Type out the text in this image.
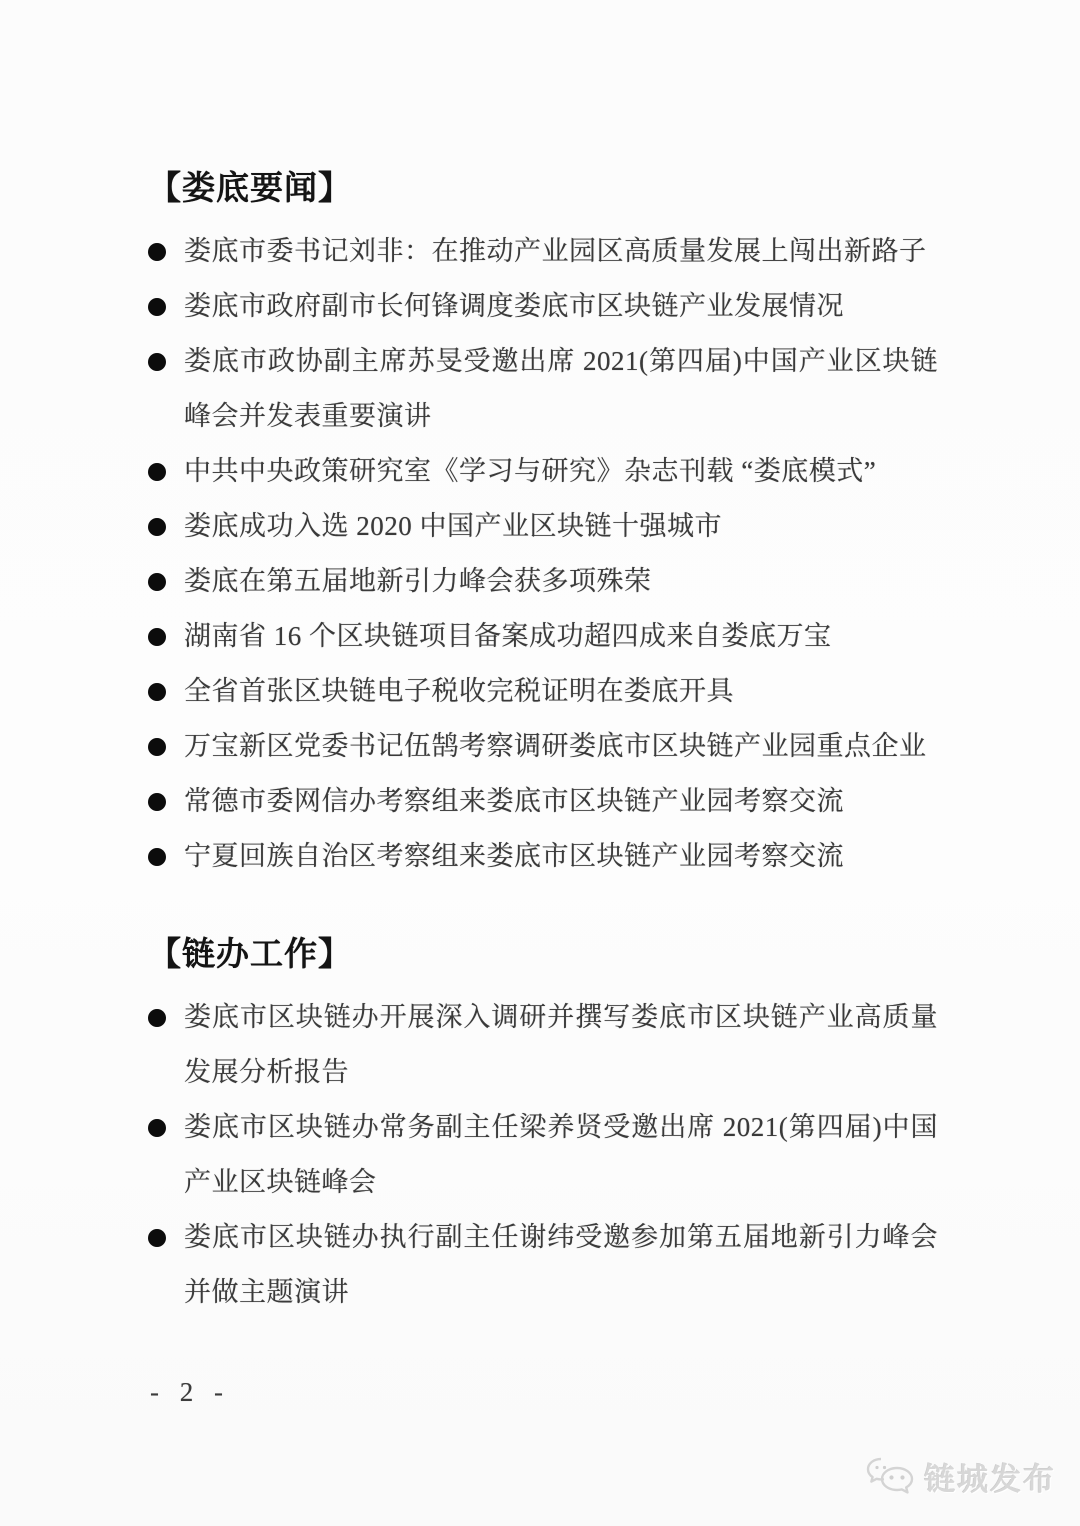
【娄底要闻】
娄底市委书记刘非：在推动产业园区高质量发展上闯出新路子
娄底市政府副市长何锋调度娄底市区块链产业发展情况
娄底市政协副主席苏旻受邀出席 2021(第四届)中国产业区块链峰会并发表重要演讲
中共中央政策研究室《学习与研究》杂志刊载 “娄底模式”
娄底成功入选 2020 中国产业区块链十强城市
娄底在第五届地新引力峰会获多项殊荣
湖南省 16 个区块链项目备案成功超四成来自娄底万宝
全省首张区块链电子税收完税证明在娄底开具
万宝新区党委书记伍鹄考察调研娄底市区块链产业园重点企业
常德市委网信办考察组来娄底市区块链产业园考察交流
宁夏回族自治区考察组来娄底市区块链产业园考察交流
【链办工作】
娄底市区块链办开展深入调研并撰写娄底市区块链产业高质量发展分析报告
娄底市区块链办常务副主任梁养贤受邀出席 2021(第四届)中国产业区块链峰会
娄底市区块链办执行副主任谢纬受邀参加第五届地新引力峰会并做主题演讲
- 2 -
链城发布
